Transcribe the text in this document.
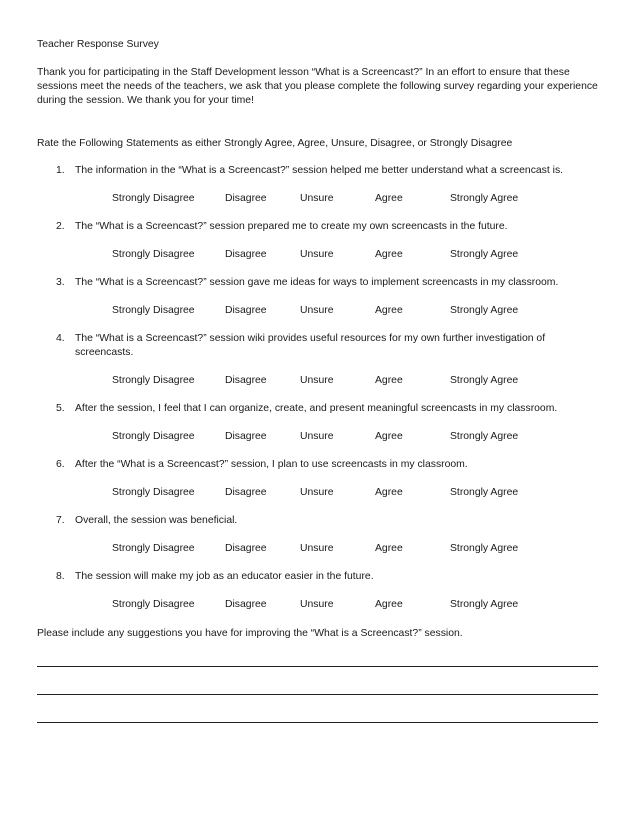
Teacher Response Survey
Thank you for participating in the Staff Development lesson “What is a Screencast?” In an effort to ensure that these sessions meet the needs of the teachers, we ask that you please complete the following survey regarding your experience during the session. We thank you for your time!
Rate the Following Statements as either Strongly Agree, Agree, Unsure, Disagree, or Strongly Disagree
1. The information in the “What is a Screencast?” session helped me better understand what a screencast is.
Strongly Disagree	Disagree	Unsure	Agree	Strongly Agree
2. The “What is a Screencast?” session prepared me to create my own screencasts in the future.
Strongly Disagree	Disagree	Unsure	Agree	Strongly Agree
3. The “What is a Screencast?” session gave me ideas for ways to implement screencasts in my classroom.
Strongly Disagree	Disagree	Unsure	Agree	Strongly Agree
4. The “What is a Screencast?” session wiki provides useful resources for my own further investigation of screencasts.
Strongly Disagree	Disagree	Unsure	Agree	Strongly Agree
5. After the session, I feel that I can organize, create, and present meaningful screencasts in my classroom.
Strongly Disagree	Disagree	Unsure	Agree	Strongly Agree
6. After the “What is a Screencast?” session, I plan to use screencasts in my classroom.
Strongly Disagree	Disagree	Unsure	Agree	Strongly Agree
7. Overall, the session was beneficial.
Strongly Disagree	Disagree	Unsure	Agree	Strongly Agree
8. The session will make my job as an educator easier in the future.
Strongly Disagree	Disagree	Unsure	Agree	Strongly Agree
Please include any suggestions you have for improving the “What is a Screencast?” session.
